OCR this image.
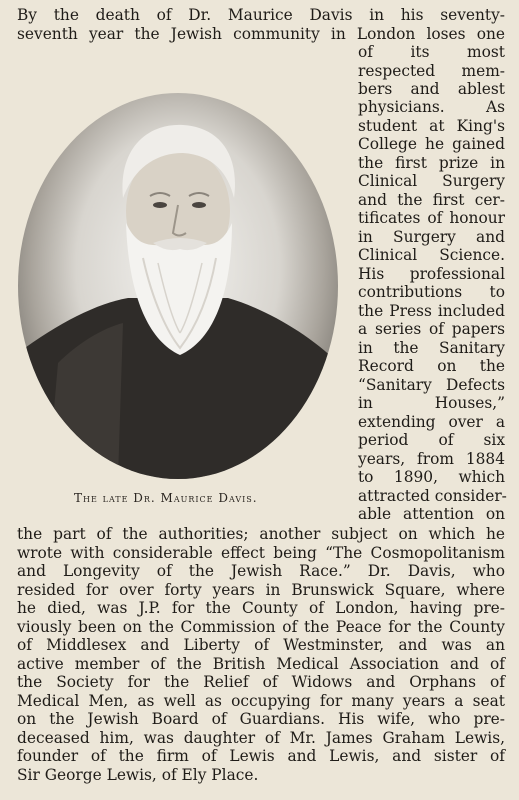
By the death of Dr. Maurice Davis in his seventy-
seventh year the Jewish community in London loses one
The late Dr. Maurice Davis.
of its most
respected mem-
bers and ablest
physicians. As
student at King's
College he gained
the first prize in
Clinical Surgery
and the first cer-
tificates of honour
in Surgery and
Clinical Science.
His professional
contributions to
the Press included
a series of papers
in the Sanitary
Record on the
“Sanitary Defects
in Houses,”
extending over a
period of six
years, from 1884
to 1890, which
attracted consider-
able attention on
the part of the authorities; another subject on which he
wrote with considerable effect being “The Cosmopolitanism
and Longevity of the Jewish Race.” Dr. Davis, who
resided for over forty years in Brunswick Square, where
he died, was J.P. for the County of London, having pre-
viously been on the Commission of the Peace for the County
of Middlesex and Liberty of Westminster, and was an
active member of the British Medical Association and of
the Society for the Relief of Widows and Orphans of
Medical Men, as well as occupying for many years a seat
on the Jewish Board of Guardians. His wife, who pre-
deceased him, was daughter of Mr. James Graham Lewis,
founder of the firm of Lewis and Lewis, and sister of
Sir George Lewis, of Ely Place.
